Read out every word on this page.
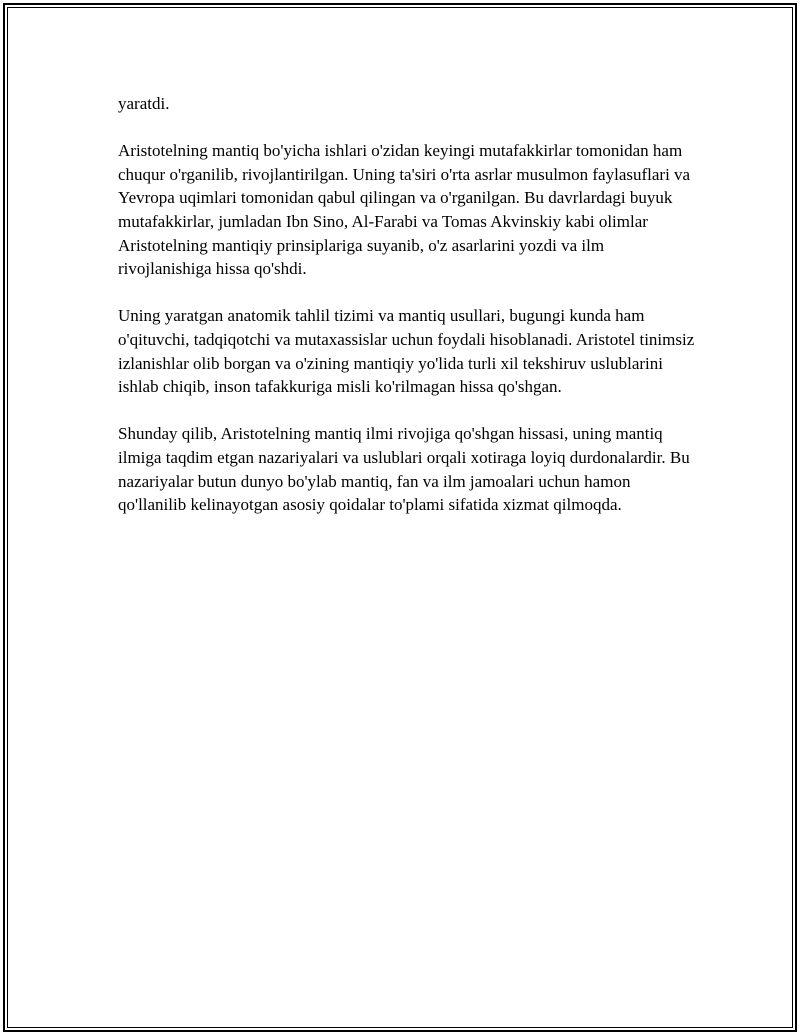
yaratdi.

Aristotelning mantiq bo'yicha ishlari o'zidan keyingi mutafakkirlar tomonidan ham chuqur o'rganilib, rivojlantirilgan. Uning ta'siri o'rta asrlar musulmon faylasuflari va Yevropa uqimlari tomonidan qabul qilingan va o'rganilgan. Bu davrlardagi buyuk mutafakkirlar, jumladan Ibn Sino, Al-Farabi va Tomas Akvinskiy kabi olimlar Aristotelning mantiqiy prinsiplariga suyanib, o'z asarlarini yozdi va ilm rivojlanishiga hissa qo'shdi.

Uning yaratgan anatomik tahlil tizimi va mantiq usullari, bugungi kunda ham o'qituvchi, tadqiqotchi va mutaxassislar uchun foydali hisoblanadi. Aristotel tinimsiz izlanishlar olib borgan va o'zining mantiqiy yo'lida turli xil tekshiruv uslublarini ishlab chiqib, inson tafakkuriga misli ko'rilmagan hissa qo'shgan.

Shunday qilib, Aristotelning mantiq ilmi rivojiga qo'shgan hissasi, uning mantiq ilmiga taqdim etgan nazariyalari va uslublari orqali xotiraga loyiq durdonalardir. Bu nazariyalar butun dunyo bo'ylab mantiq, fan va ilm jamoalari uchun hamon qo'llanilib kelinayotgan asosiy qoidalar to'plami sifatida xizmat qilmoqda.
